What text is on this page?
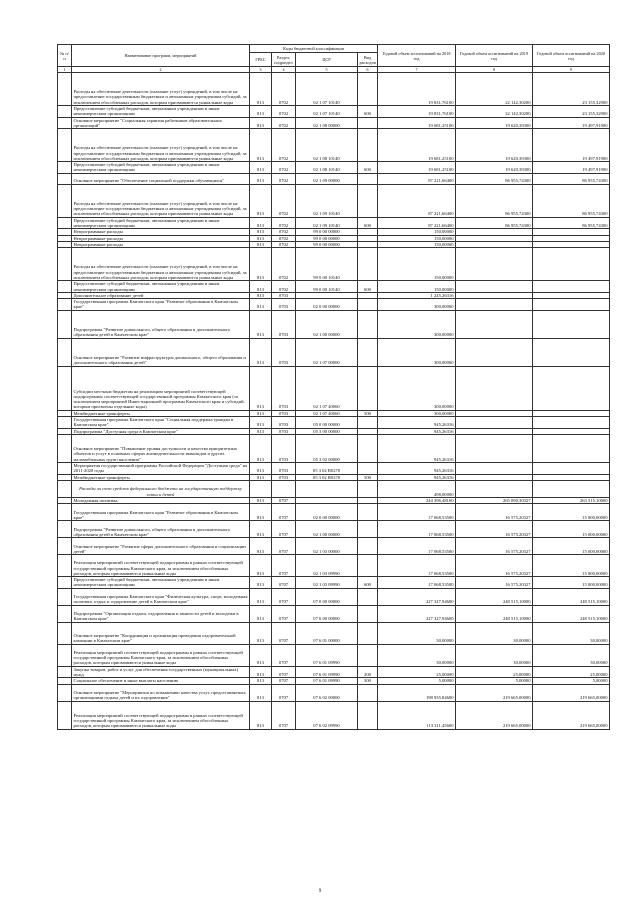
№ п/п	Наименование программ, мероприятий	Коды бюджетной классификации				Годовой объем ассигнований на 2018 год	Годовой объем ассигнований на 2019 год	Годовой объем ассигнований на 2020 год
		ГРБС	Раздел, подраздел	ЦСР	Вид расходов			
1	2	3	4	5	6	7	8	9
	Расходы на обеспечение деятельности (оказание услуг) учреждений, в том числе на предоставление государственным бюджетным и автономным учреждениям субсидий, за исключением обособленных расходов, которым присваиваются уникальные коды	813	0702	02 1 07 10140		19 831,76100	22 142,30200	23 155,32900
	Предоставление субсидий бюджетным, автономным учреждениям и иным некоммерческим организациям	813	0702	02 1 07 10140	600	19 831,76100	22 142,30200	23 155,32900
	Основное мероприятие "Социальная гарантия работников образовательных организаций"	813	0702	02 1 08 00000		19 681,25100	19 620,39300	19 497,91900
	Расходы на обеспечение деятельности (оказание услуг) учреждений, в том числе на предоставление государственным бюджетным и автономным учреждениям субсидий, за исключением обособленных расходов, которым присваиваются уникальные коды	813	0702	02 1 08 10140		19 681,25100	19 620,39300	19 497,91900
	Предоставление субсидий бюджетным, автономным учреждениям и иным некоммерческим организациям	813	0702	02 1 08 10140	600	19 681,25100	19 620,39300	19 497,91900
	Основное мероприятие "Обеспечение социальной поддержки обучающихся"	813	0702	02 1 09 00000		87 221,66400	86 955,74300	86 955,74300
	Расходы на обеспечение деятельности (оказание услуг) учреждений, в том числе на предоставление государственным бюджетным и автономным учреждениям субсидий, за исключением обособленных расходов, которым присваиваются уникальные коды	813	0702	02 1 09 10140		87 221,66400	86 955,74300	86 955,74300
	Предоставление субсидий бюджетным, автономным учреждениям и иным некоммерческим организациям	813	0702	02 1 09 10140	600	87 221,66400	86 955,74300	86 955,74300
	Непрограммные расходы	813	0702	99 0 00 00000		150,00000		
	Непрограммные расходы	813	0702	99 0 00 00000		150,00000		
	Непрограммные расходы	813	0702	99 0 00 00000		150,00000		
	Расходы на обеспечение деятельности (оказание услуг) учреждений, в том числе на предоставление государственным бюджетным и автономным учреждениям субсидий, за исключением обособленных расходов, которым присваиваются уникальные коды	813	0702	99 0 00 10140		150,00000		
	Предоставление субсидий бюджетным, автономным учреждениям и иным некоммерческим организациям	813	0702	99 0 00 10140	600	150,00000		
	Дополнительное образование детей	813	0703			1 245,26316		
	Государственная программа Камчатского края "Развитие образования в Камчатском крае"	813	0703	02 0 00 00000		300,00000		
	Подпрограмма "Развитие дошкольного, общего образования и дополнительного образования детей в Камчатском крае"	813	0703	02 1 00 00000		300,00000		
	Основное мероприятие "Развитие инфраструктуры дошкольного, общего образования и дополнительного образования детей"	813	0703	02 1 07 00000		300,00000		
	Субсидии местным бюджетам на реализацию мероприятий соответствующей подпрограммы соответствующей государственной программы Камчатского края (за исключением мероприятий Инвестиционной программы Камчатского края и субсидий, которым присвоены отдельные коды)	813	0703	02 1 07 40060		300,00000		
	Межбюджетные трансферты	813	0703	02 1 07 40060	500	300,00000		
	Государственная программа Камчатского края "Социальная поддержка граждан в Камчатском крае"	813	0703	05 0 00 00000		945,26316		
	Подпрограмма "Доступная среда в Камчатском крае"	813	0703	05 3 00 00000		945,26316		
	Основное мероприятие "Повышение уровня доступности и качества приоритетных объектов и услуг в основных сферах жизнедеятельности инвалидов и других маломобильных групп населения"	813	0703	05 3 02 00000		945,26316		
	Мероприятия государственной программы Российской Федерации "Доступная среда" на 2011-2020 годы	813	0703	05 3 02 R0270		945,26316		
	Межбюджетные трансферты	813	0703	05 3 02 R0270	500	945,26316		
	Расходы за счет средств федерального бюджета на государственную поддержку семьи и детей					498,00000		
	Молодежная политика	813	0707			244 396,48100	265 090,30327	263 515,10000
	Государственная программа Камчатского края "Развитие образования в Камчатском крае"	813	0707	02 0 00 00000		17 068,53500	16 575,20327	15 000,00000
	Подпрограмма "Развитие дошкольного, общего образования и дополнительного образования детей в Камчатском крае"	813	0707	02 1 00 00000		17 068,53500	16 575,20327	15 000,00000
	Основное мероприятие "Развитие сферы дополнительного образования и социализации детей"	813	0707	02 1 03 00000		17 068,53500	16 575,20327	15 000,00000
	Реализация мероприятий соответствующей подпрограммы в рамках соответствующей государственной программы Камчатского края, за исключением обособленных расходов, которым присваиваются уникальные коды	813	0707	02 1 03 09990		17 068,53500	16 575,20327	15 000,00000
	Предоставление субсидий бюджетным, автономным учреждениям и иным некоммерческим организациям	813	0707	02 1 03 09990	600	17 068,53500	16 575,20327	15 000,00000
	Государственная программа Камчатского края "Физическая культура, спорт, молодежная политика, отдых и оздоровление детей в Камчатском крае"	813	0707	07 0 00 00000		227 327,94600	248 515,10000	248 515,10000
	Подпрограмма "Организация отдыха, оздоровления и занятости детей и молодежи в Камчатском крае"	813	0707	07 6 00 00000		227 327,94600	248 515,10000	248 515,10000
	Основное мероприятие "Координация и организация проведения оздоровительной кампании в Камчатском крае"	813	0707	07 6 01 00000		30,00000	30,00000	30,00000
	Реализация мероприятий соответствующей подпрограммы в рамках соответствующей государственной программы Камчатского края, за исключением обособленных расходов, которым присваиваются уникальные коды	813	0707	07 6 01 09990		30,00000	30,00000	30,00000
	Закупка товаров, работ и услуг для обеспечения государственных (муниципальных) нужд	813	0707	07 6 01 09990	200	25,00000	25,00000	25,00000
	Социальное обеспечение и иные выплаты населению	813	0707	07 6 01 09990	300	5,00000	5,00000	5,00000
	Основное мероприятие "Мероприятия по повышению качества услуг, предоставляемых организациями отдыха детей и их оздоровления"	813	0707	07 6 02 00000		198 935,84600	219 665,00000	219 665,00000
	Реализация мероприятий соответствующей подпрограммы в рамках соответствующей государственной программы Камчатского края, за исключением обособленных расходов, которым присваиваются уникальные коды	813	0707	07 6 02 09990		113 311,45600	219 665,00000	219 665,00000
9
